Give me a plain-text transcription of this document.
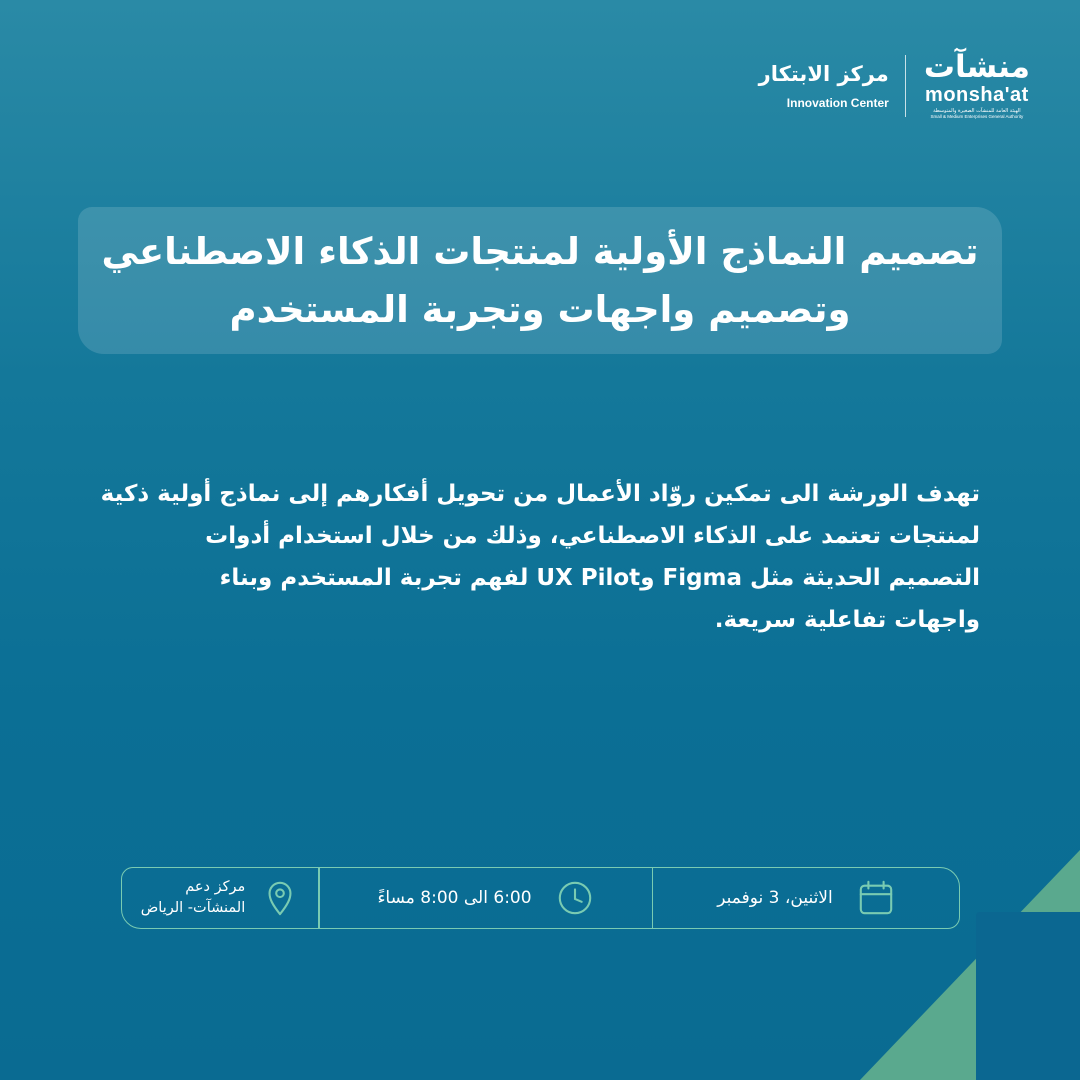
مركز الابتكار
Innovation Center
منشآت
monsha'at
الهيئة العامة للمنشآت الصغيرة والمتوسطة
Small & Medium Enterprises General Authority
تصميم النماذج الأولية لمنتجات الذكاء الاصطناعي
وتصميم واجهات وتجربة المستخدم

تهدف الورشة الى تمكين روّاد الأعمال من تحويل أفكارهم إلى نماذج أولية ذكية
لمنتجات تعتمد على الذكاء الاصطناعي، وذلك من خلال استخدام أدوات
التصميم الحديثة مثل Figma وUX Pilot لفهم تجربة المستخدم وبناء
واجهات تفاعلية سريعة.

الاثنين، 3 نوفمبر
6:00 الى 8:00 مساءً
مركز دعم
المنشآت- الرياض
